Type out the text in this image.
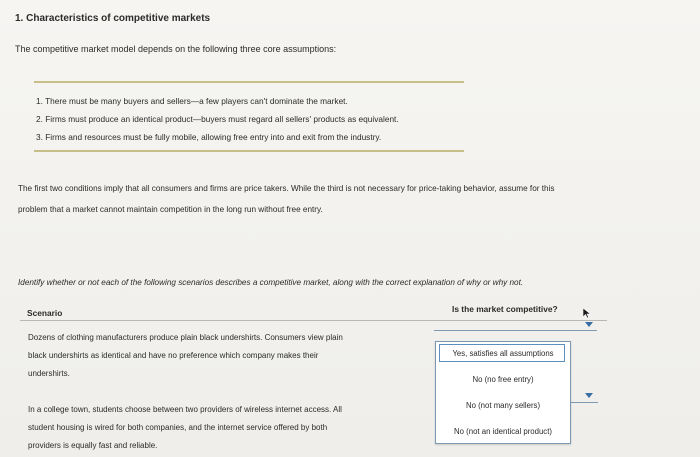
1. Characteristics of competitive markets
The competitive market model depends on the following three core assumptions:
1. There must be many buyers and sellers—a few players can't dominate the market.
2. Firms must produce an identical product—buyers must regard all sellers' products as equivalent.
3. Firms and resources must be fully mobile, allowing free entry into and exit from the industry.
The first two conditions imply that all consumers and firms are price takers. While the third is not necessary for price-taking behavior, assume for this
problem that a market cannot maintain competition in the long run without free entry.
Identify whether or not each of the following scenarios describes a competitive market, along with the correct explanation of why or why not.
Scenario	Is the market competitive?
Dozens of clothing manufacturers produce plain black undershirts. Consumers view plain
black undershirts as identical and have no preference which company makes their
undershirts.
In a college town, students choose between two providers of wireless internet access. All
student housing is wired for both companies, and the internet service offered by both
providers is equally fast and reliable.
Yes, satisfies all assumptions
No (no free entry)
No (not many sellers)
No (not an identical product)
